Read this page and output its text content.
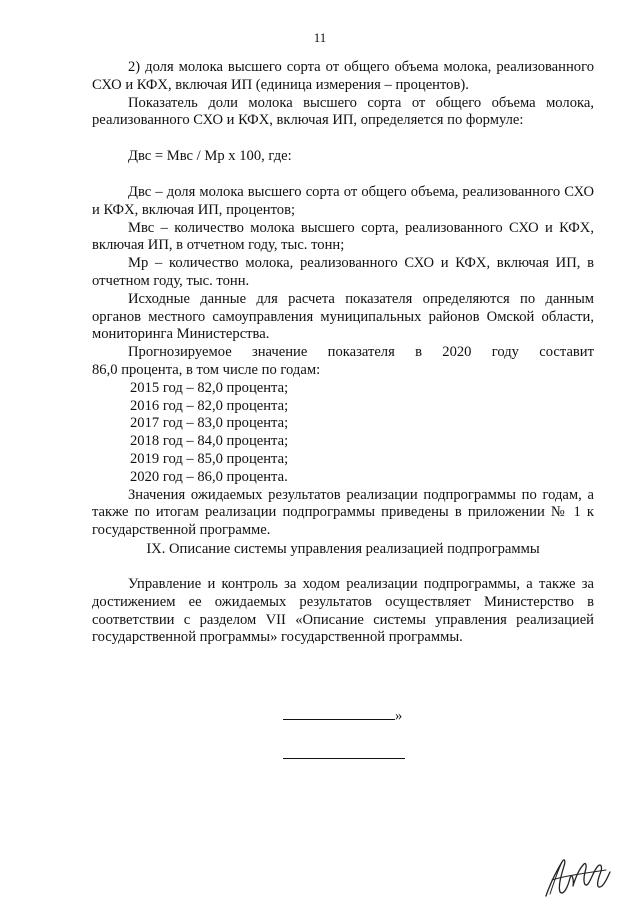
11

2) доля молока высшего сорта от общего объема молока, реализованного СХО и КФХ, включая ИП (единица измерения – процентов).

Показатель доли молока высшего сорта от общего объема молока, реализованного СХО и КФХ, включая ИП, определяется по формуле:

Двс = Мвс / Мр х 100, где:

Двс – доля молока высшего сорта от общего объема, реализованного СХО и КФХ, включая ИП, процентов;

Мвс – количество молока высшего сорта, реализованного СХО и КФХ, включая ИП, в отчетном году, тыс. тонн;

Мр – количество молока, реализованного СХО и КФХ, включая ИП, в отчетном году, тыс. тонн.

Исходные данные для расчета показателя определяются по данным органов местного самоуправления муниципальных районов Омской области, мониторинга Министерства.

Прогнозируемое значение показателя в 2020 году составит

86,0 процента, в том числе по годам:

2015 год – 82,0 процента;

2016 год – 82,0 процента;

2017 год – 83,0 процента;

2018 год – 84,0 процента;

2019 год – 85,0 процента;

2020 год – 86,0 процента.

Значения ожидаемых результатов реализации подпрограммы по годам, а также по итогам реализации подпрограммы приведены в приложении № 1 к государственной программе.

IX. Описание системы управления реализацией подпрограммы

Управление и контроль за ходом реализации подпрограммы, а также за достижением ее ожидаемых результатов осуществляет Министерство в соответствии с разделом VII «Описание системы управления реализацией государственной программы» государственной программы.

»
